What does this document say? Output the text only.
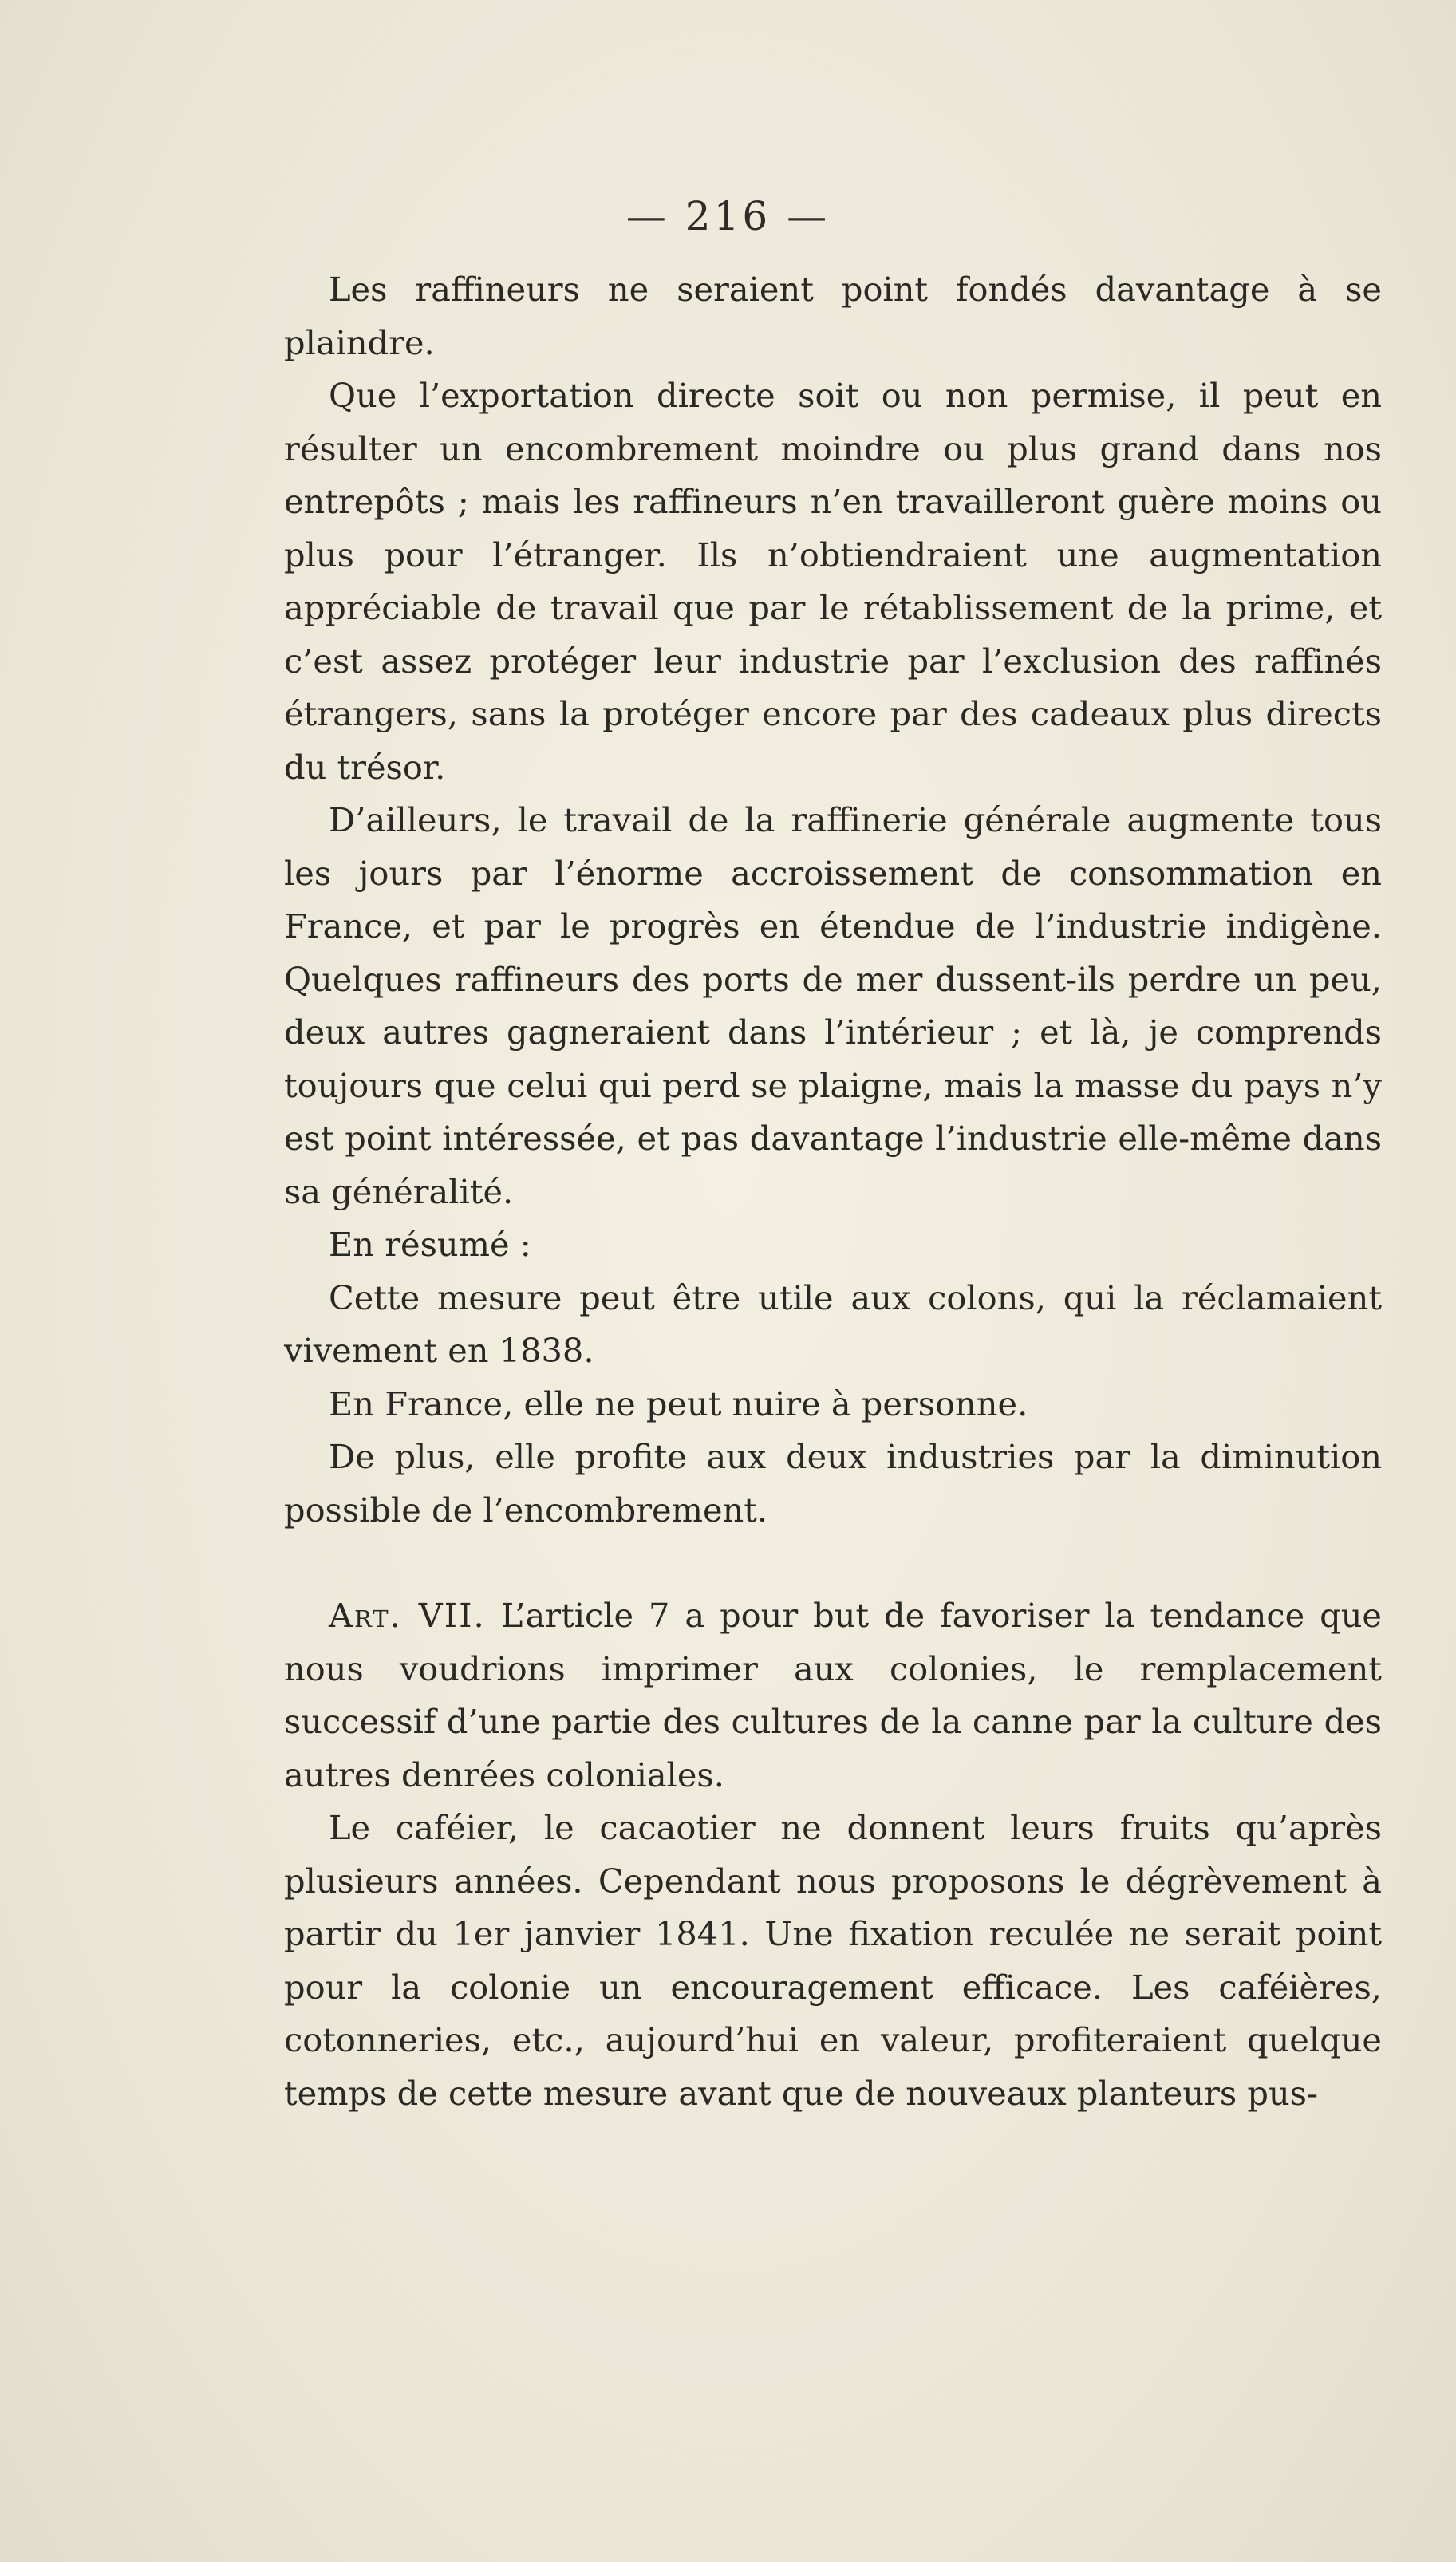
— 216 —

Les raffineurs ne seraient point fondés davantage à se plaindre.

Que l’exportation directe soit ou non permise, il peut en résulter un encombrement moindre ou plus grand dans nos entrepôts ; mais les raffineurs n’en travailleront guère moins ou plus pour l’étranger. Ils n’obtiendraient une augmentation appréciable de travail que par le rétablissement de la prime, et c’est assez protéger leur industrie par l’exclusion des raffinés étrangers, sans la protéger encore par des cadeaux plus directs du trésor.

D’ailleurs, le travail de la raffinerie générale augmente tous les jours par l’énorme accroissement de consommation en France, et par le progrès en étendue de l’industrie indigène. Quelques raffineurs des ports de mer dussent-ils perdre un peu, deux autres gagneraient dans l’intérieur ; et là, je comprends toujours que celui qui perd se plaigne, mais la masse du pays n’y est point intéressée, et pas davantage l’industrie elle-même dans sa généralité.

En résumé :

Cette mesure peut être utile aux colons, qui la réclamaient vivement en 1838.

En France, elle ne peut nuire à personne.

De plus, elle profite aux deux industries par la diminution possible de l’encombrement.

Art. VII. L’article 7 a pour but de favoriser la tendance que nous voudrions imprimer aux colonies, le remplacement successif d’une partie des cultures de la canne par la culture des autres denrées coloniales.

Le caféier, le cacaotier ne donnent leurs fruits qu’après plusieurs années. Cependant nous proposons le dégrèvement à partir du 1er janvier 1841. Une fixation reculée ne serait point pour la colonie un encouragement efficace. Les caféières, cotonneries, etc., aujourd’hui en valeur, profiteraient quelque temps de cette mesure avant que de nouveaux planteurs pus-
